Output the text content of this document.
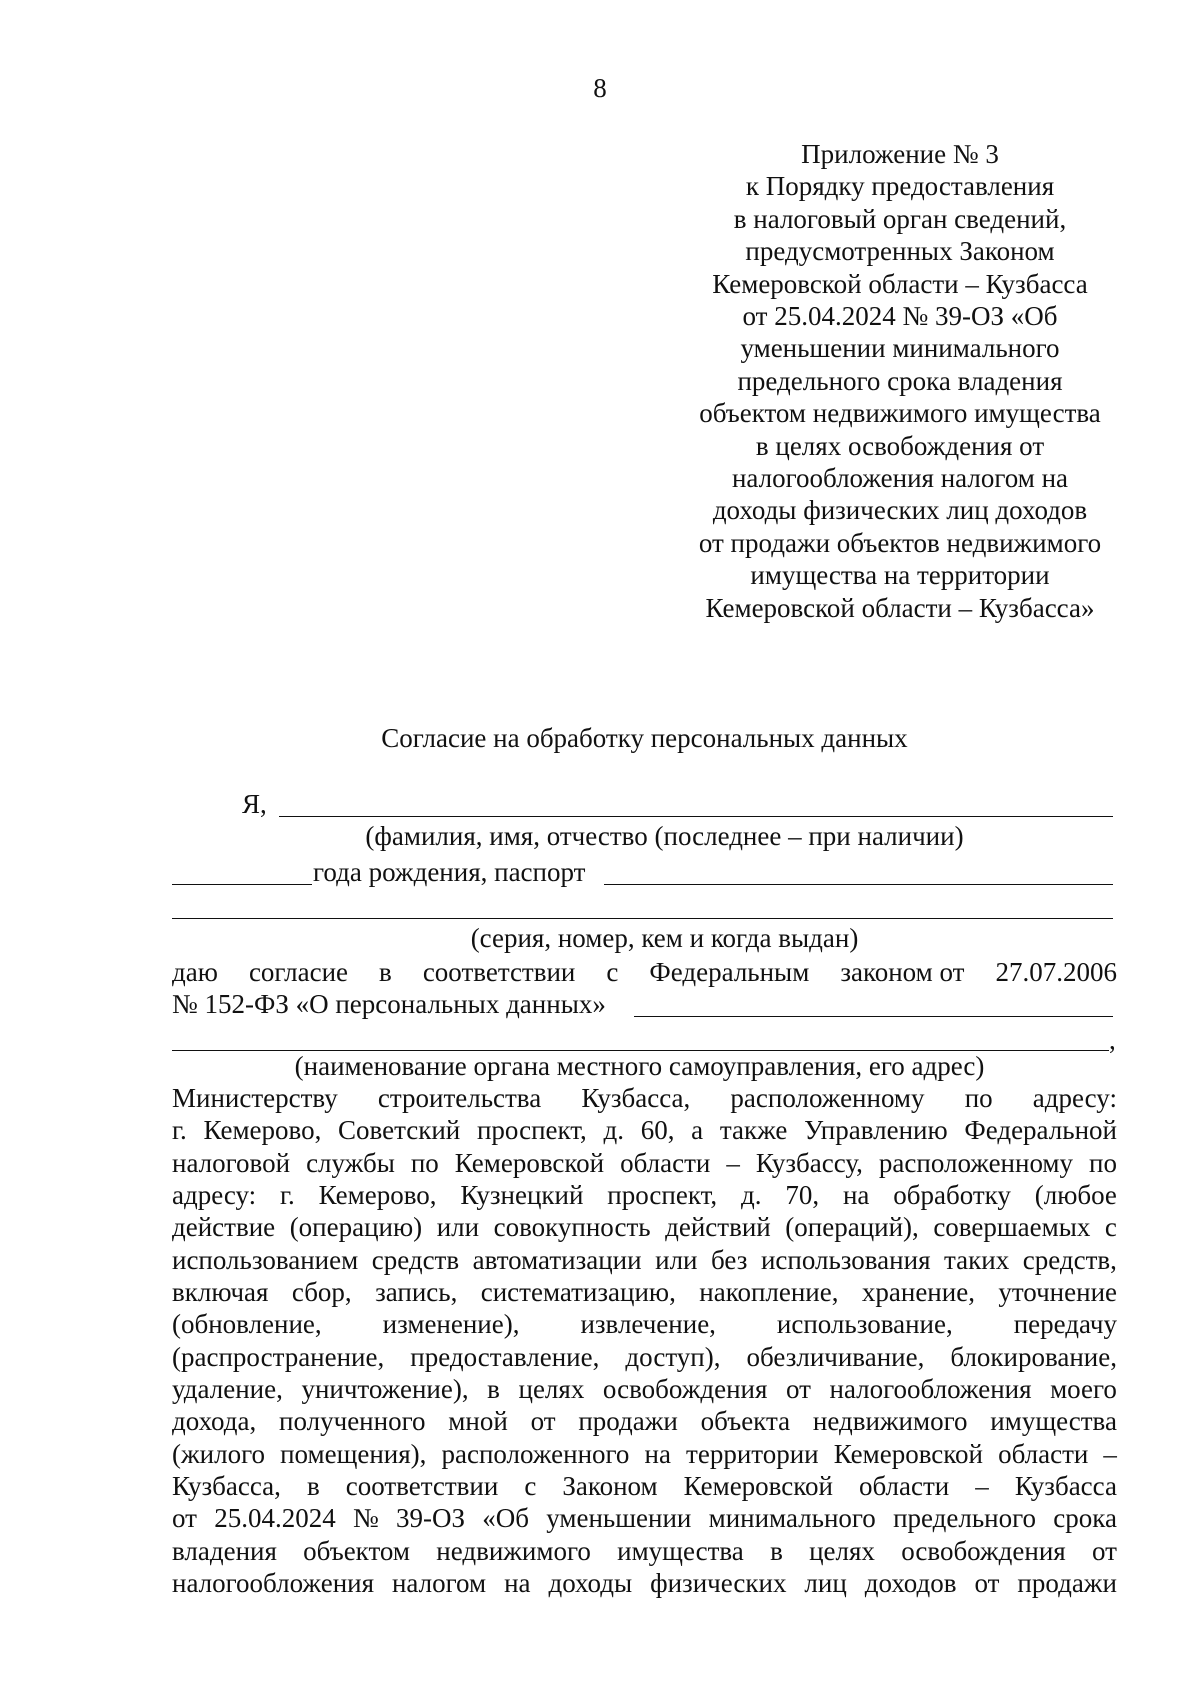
8
Приложение № 3
к Порядку предоставления
в налоговый орган сведений,
предусмотренных Законом
Кемеровской области – Кузбасса
от 25.04.2024 № 39-ОЗ «Об
уменьшении минимального
предельного срока владения
объектом недвижимого имущества
в целях освобождения от
налогообложения налогом на
доходы физических лиц доходов
от продажи объектов недвижимого
имущества на территории
Кемеровской области – Кузбасса»
Согласие на обработку персональных данных
Я,
(фамилия, имя, отчество (последнее – при наличии)
года рождения, паспорт
(серия, номер, кем и когда выдан)
даю согласие в соответствии с Федеральным законом от 27.07.2006
№ 152-ФЗ «О персональных данных»
,
(наименование органа местного самоуправления, его адрес)
Министерству строительства Кузбасса, расположенному по адресу:
г. Кемерово, Советский проспект, д. 60, а также Управлению Федеральной
налоговой службы по Кемеровской области – Кузбассу, расположенному по
адресу: г. Кемерово, Кузнецкий проспект, д. 70, на обработку (любое
действие (операцию) или совокупность действий (операций), совершаемых с
использованием средств автоматизации или без использования таких средств,
включая сбор, запись, систематизацию, накопление, хранение, уточнение
(обновление, изменение), извлечение, использование, передачу
(распространение, предоставление, доступ), обезличивание, блокирование,
удаление, уничтожение), в целях освобождения от налогообложения моего
дохода, полученного мной от продажи объекта недвижимого имущества
(жилого помещения), расположенного на территории Кемеровской области –
Кузбасса, в соответствии с Законом Кемеровской области – Кузбасса
от 25.04.2024 № 39-ОЗ «Об уменьшении минимального предельного срока
владения объектом недвижимого имущества в целях освобождения от
налогообложения налогом на доходы физических лиц доходов от продажи
